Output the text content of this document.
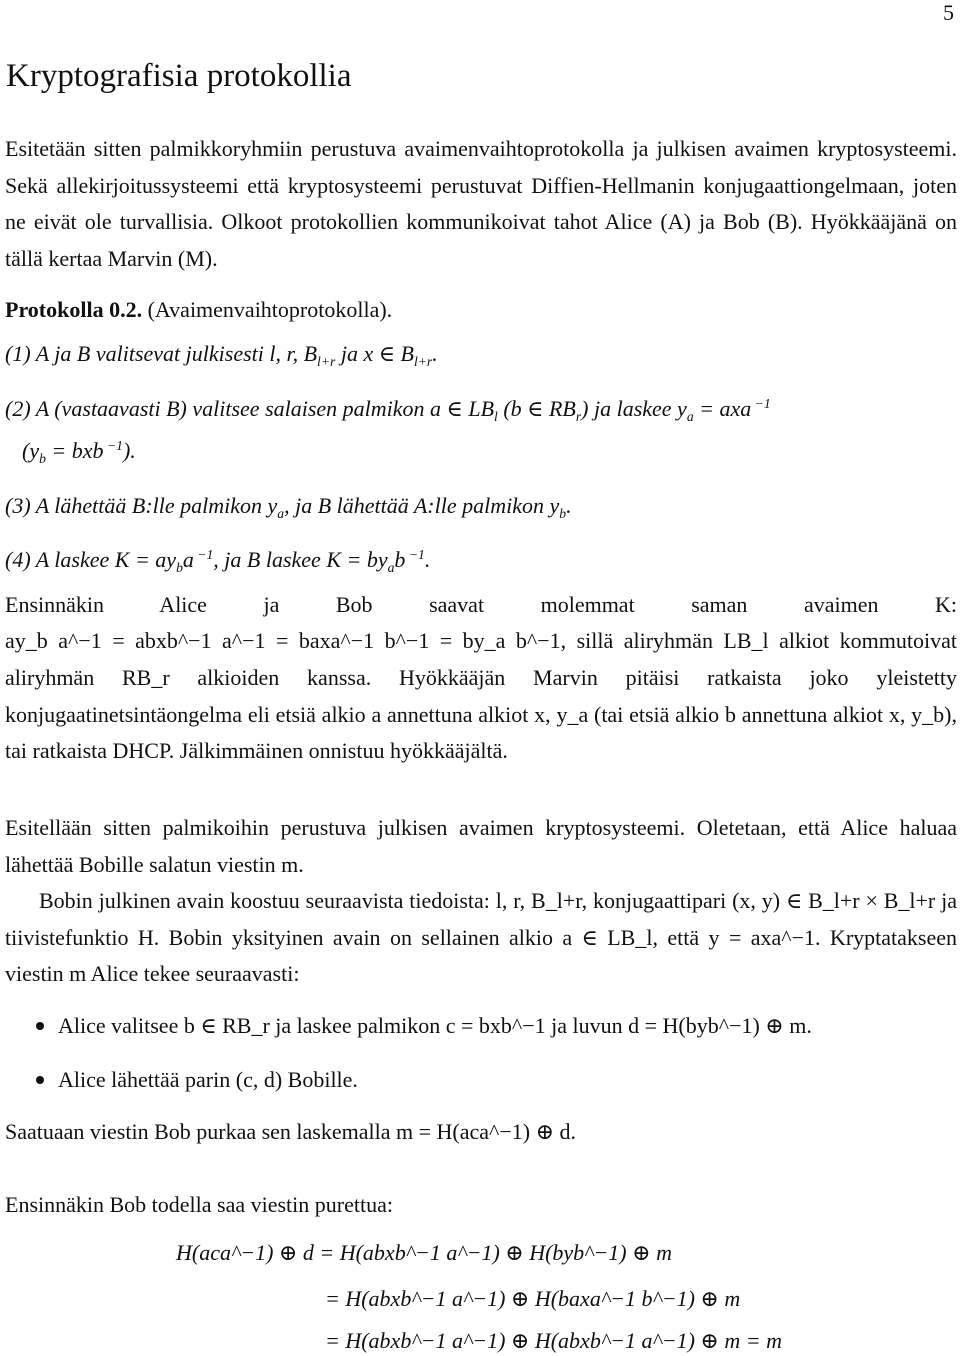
5
Kryptografisia protokollia

Esitetään sitten palmikkoryhmiin perustuva avaimenvaihtoprotokolla ja julkisen avaimen kryptosysteemi. Sekä allekirjoitussysteemi että kryptosysteemi perustuvat Diffien-Hellmanin konjugaattiongelmaan, joten ne eivät ole turvallisia. Olkoot protokollien kommunikoivat tahot Alice (A) ja Bob (B). Hyökkääjänä on tällä kertaa Marvin (M).

Protokolla 0.2. (Avaimenvaihtoprotokolla).
(1) A ja B valitsevat julkisesti l, r, $B_{l+r}$ ja x ∈ $B_{l+r}$.
(2) A (vastaavasti B) valitsee salaisen palmikon a ∈ $LB_l$ (b ∈ $RB_r$) ja laskee $y_a$ = axa $^{-1}$
($y_b$ = bxb $^{-1}$).
(3) A lähettää B:lle palmikon $y_a$, ja B lähettää A:lle palmikon $y_b$.
(4) A laskee $K = ay_ba$ $^{-1}$, ja B laskee $K = by_ab$ $^{-1}$.

Ensinnäkin Alice ja Bob saavat molemmat saman avaimen K:

ay_b a^−1 = abxb^−1 a^−1 = baxa^−1 b^−1 = by_a b^−1, sillä aliryhmän LB_l alkiot kommutoivat

aliryhmän RB_r alkioiden kanssa. Hyökkääjän Marvin pitäisi ratkaista joko yleistetty konjugaatinetsintäongelma eli etsiä alkio a annettuna alkiot x, y_a (tai etsiä alkio b annettuna alkiot x, y_b), tai ratkaista DHCP. Jälkimmäinen onnistuu hyökkääjältä.

Esitellään sitten palmikoihin perustuva julkisen avaimen kryptosysteemi. Oletetaan, että Alice haluaa lähettää Bobille salatun viestin m.

Bobin julkinen avain koostuu seuraavista tiedoista: l, r, B_l+r, konjugaattipari (x, y) ∈ B_l+r × B_l+r ja tiivistefunktio H. Bobin yksityinen avain on sellainen alkio a ∈ LB_l, että y = axa^−1. Kryptatakseen viestin m Alice tekee seuraavasti:

Alice valitsee b ∈ RB_r ja laskee palmikon c = bxb^−1 ja luvun d = H(byb^−1) ⊕ m.
Alice lähettää parin (c, d) Bobille.
Saatuaan viestin Bob purkaa sen laskemalla m = H(aca^−1) ⊕ d.
Ensinnäkin Bob todella saa viestin purettua:
H(aca^−1) ⊕ d = H(abxb^−1 a^−1) ⊕ H(byb^−1) ⊕ m
= H(abxb^−1 a^−1) ⊕ H(baxa^−1 b^−1) ⊕ m
= H(abxb^−1 a^−1) ⊕ H(abxb^−1 a^−1) ⊕ m = m
